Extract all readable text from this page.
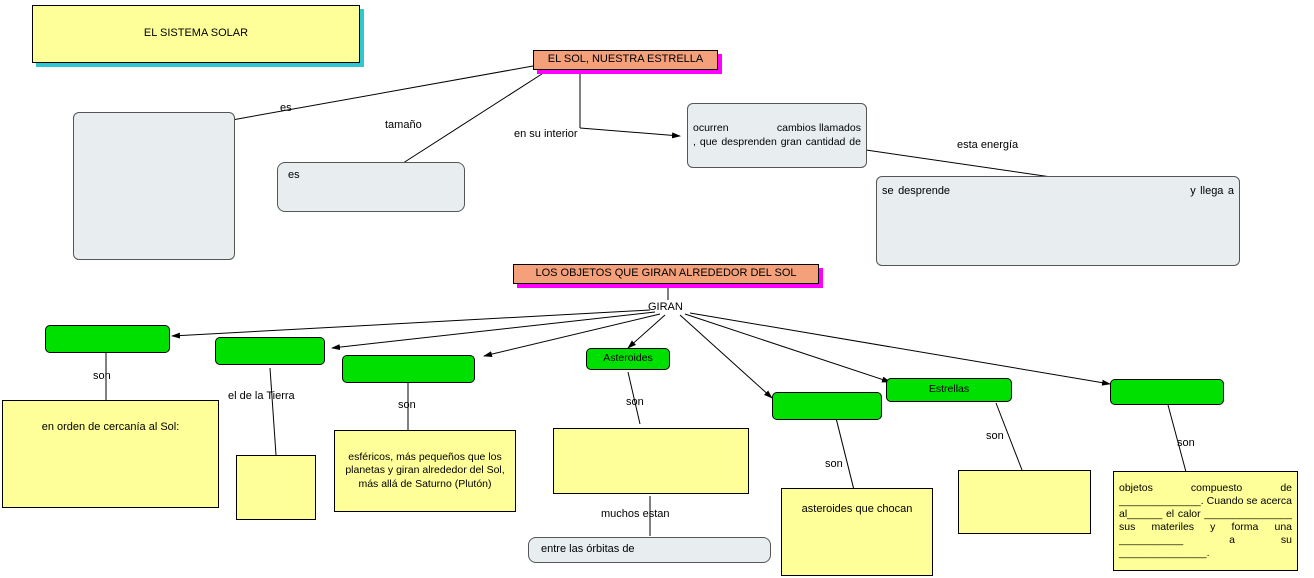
EL SISTEMA SOLAR
EL SOL, NUESTRA ESTRELLA
es
ocurren                cambios llamados                  , que desprenden gran cantidad de
se desprende                                                      y llega a
LOS OBJETOS QUE GIRAN ALREDEDOR DEL SOL
GIRAN
Asteroides
Estrellas
en orden de cercanía al Sol:
esféricos, más pequeños que los planetas y giran alrededor del Sol, más allá de Saturno (Plutón)
entre las órbitas de
asteroides que chocan
objetos compuesto de ______________. Cuando se acerca al______ el calor _______________ sus materiles y forma una ___________ a su _______________.
es
tamaño
en su interior
esta energía
son
el de la Tierra
son	son
muchos estan
son
son
son
